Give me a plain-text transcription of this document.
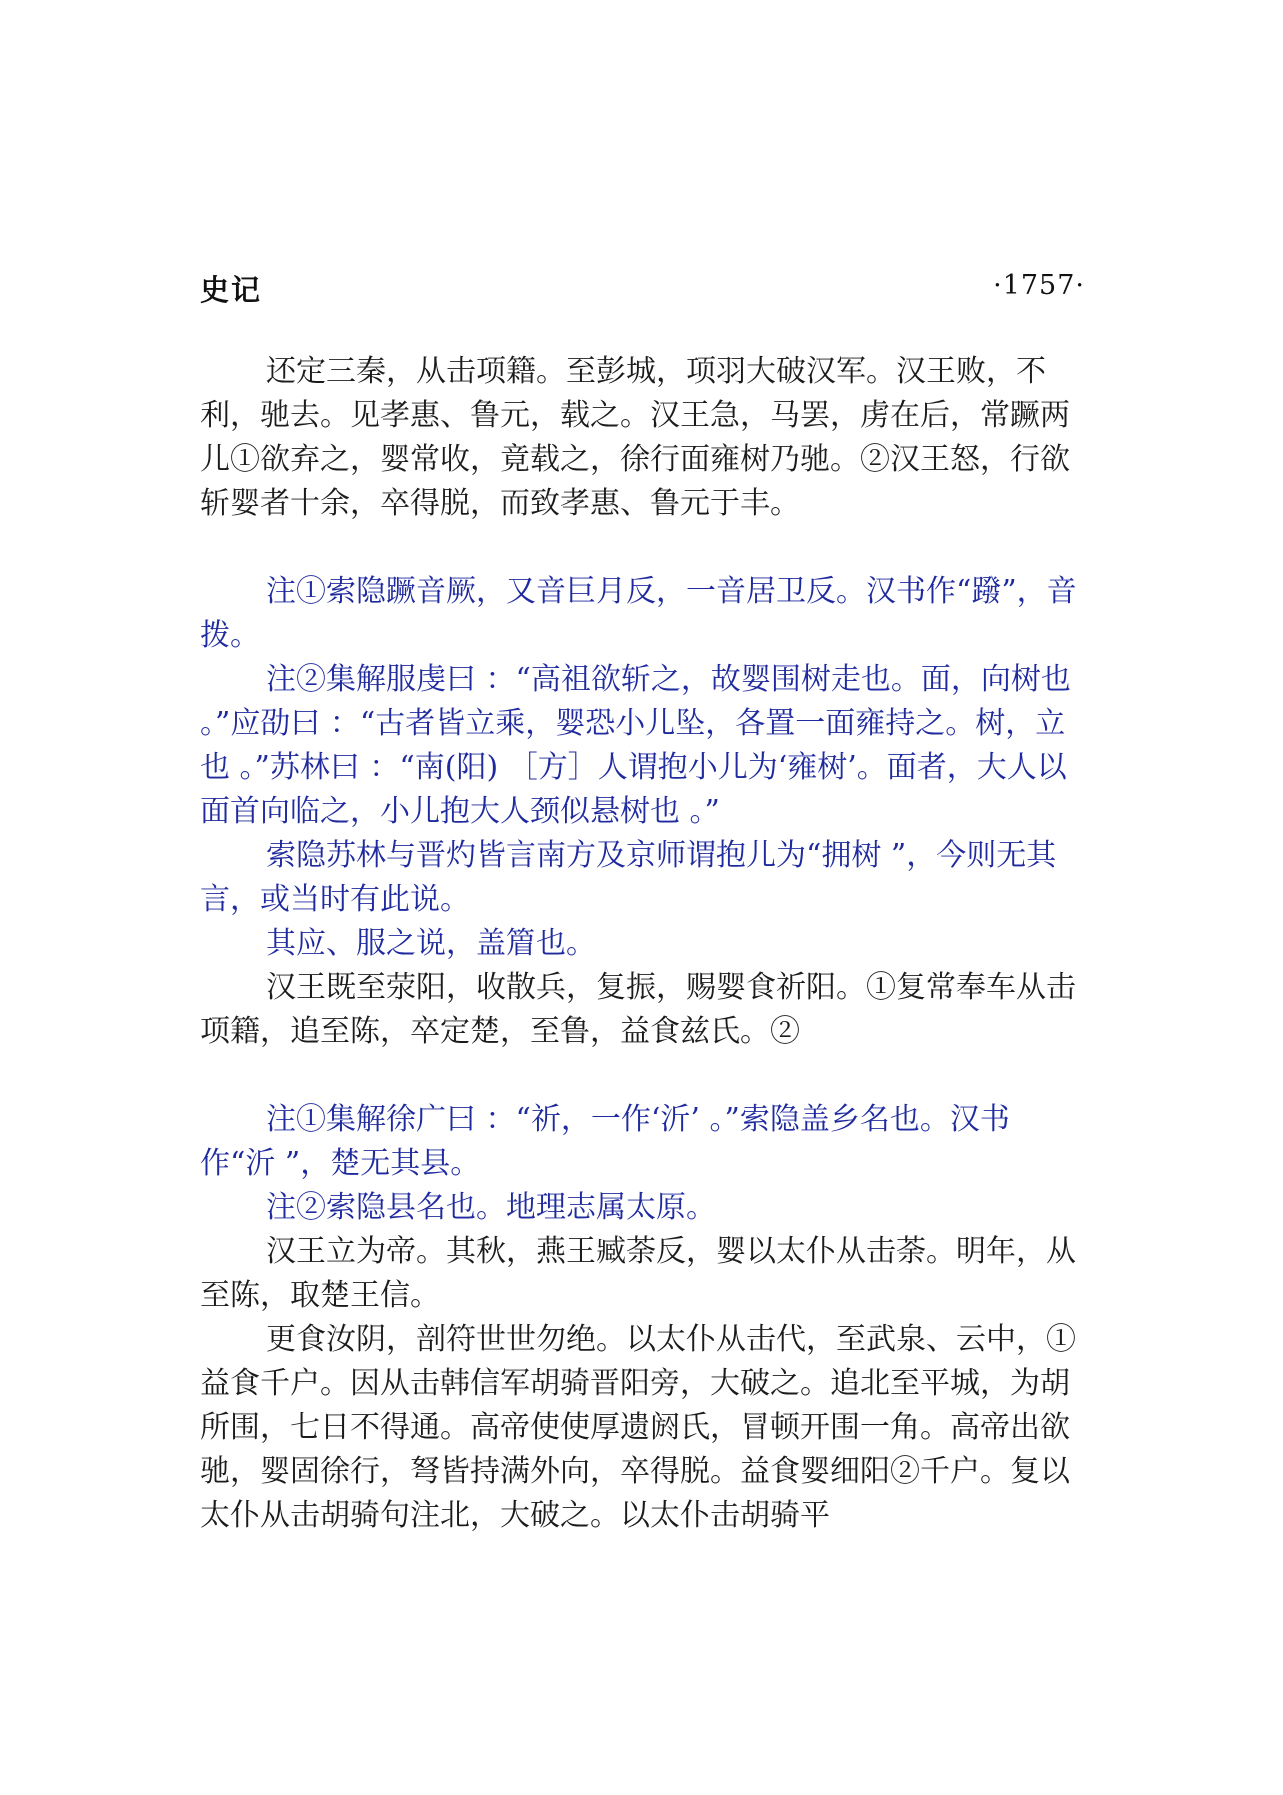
史记	·1757·

还定三秦，从击项籍。至彭城，项羽大破汉军。汉王败，不利，驰去。见孝惠、鲁元，载之。汉王急，马罢，虏在后，常蹶两儿①欲弃之，婴常收，竟载之，徐行面雍树乃驰。②汉王怒，行欲斩婴者十余，卒得脱，而致孝惠、鲁元于丰。

注①索隐蹶音厥，又音巨月反，一音居卫反。汉书作“蹳”，音拨。

注②集解服虔曰 ：“高祖欲斩之，故婴围树走也。面，向树也 。”应劭曰 ：“古者皆立乘，婴恐小儿坠，各置一面雍持之。树，立也 。”苏林曰 ：“南(阳) ［方］人谓抱小儿为‘雍树’。面者，大人以面首向临之，小儿抱大人颈似悬树也 。”

索隐苏林与晋灼皆言南方及京师谓抱儿为“拥树 ”，今则无其言，或当时有此说。

其应、服之说，盖篃也。

汉王既至荥阳，收散兵，复振，赐婴食祈阳。①复常奉车从击项籍，追至陈，卒定楚，至鲁，益食兹氏。②

注①集解徐广曰 ：“祈，一作‘沂’ 。”索隐盖乡名也。汉书作“沂 ”，楚无其县。

注②索隐县名也。地理志属太原。

汉王立为帝。其秋，燕王臧荼反，婴以太仆从击荼。明年，从至陈，取楚王信。

更食汝阴，剖符世世勿绝。以太仆从击代，至武泉、云中，①益食千户。因从击韩信军胡骑晋阳旁，大破之。追北至平城，为胡所围，七日不得通。高帝使使厚遗阏氏，冒顿开围一角。高帝出欲驰，婴固徐行，弩皆持满外向，卒得脱。益食婴细阳②千户。复以太仆从击胡骑句注北，大破之。以太仆击胡骑平
